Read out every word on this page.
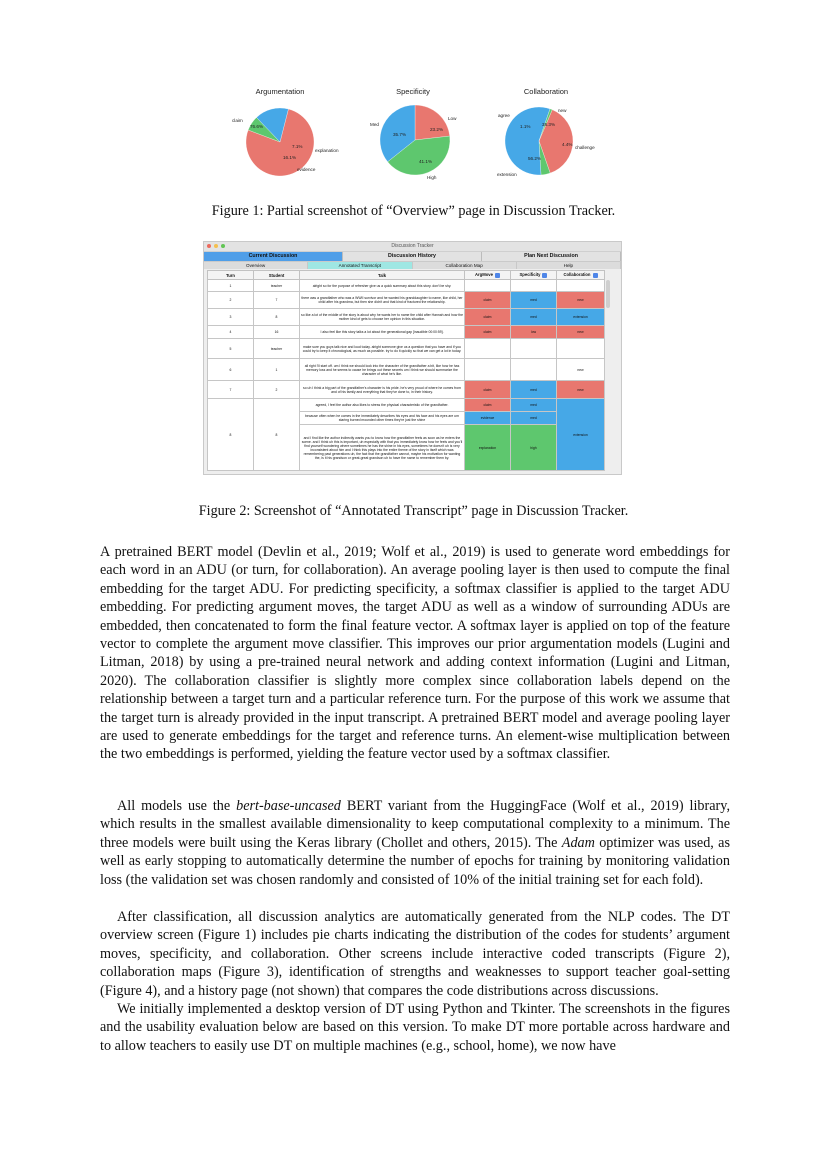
Argumentation
claim
76.6%
explanation
7.1%
evidence
16.1%
Specificity
Low
23.2%
High
41.1%
Med
35.7%
Collaboration
new
38.3%
challenge
4.4%
extension
56.2%
agree
1.1%
Figure 1: Partial screenshot of “Overview” page in Discussion Tracker.
Discussion Tracker
Current Discussion	Discussion History	Plan Next Discussion
Overview	Annotated Transcript	Collaboration Map	Help
Turn	Student	Talk	ArgMove	Specificity	Collaboration
1	teacher	alright so for the purpose of refresher give us a quick summary about this story. don't be shy.			
2	7	there was a grandfather who was a WWII survivor and he wanted his granddaughter to name, like child, her child after his grandma, but then she didn't and that kind of fractured the relationship.	claim	med	new
3	8	so like a lot of the middle of the story is about why he wants her to name the child after Hannah and how the mother kind of gets to choose her opinion in this situation.	claim	med	extension
4	16	I also feel like this story talks a lot about the generational gap [inaudible 00:00:59].	claim	low	new
5	teacher	make sure you guys talk nice and loud today. alright someone give us a question that you have and if you could try to keep it chronological, as much as possible. try to do it quickly so that we can get a lot in today.			
6	1	all right I'll start off. um I think we should look into the character of the grandfather a bit, like how he has memory loss and he seems to cause he brings out these secrets um I think we should summarize the character of what he's like.			new
7	2	so uh I think a big part of the grandfather's character is his pride. he's very proud of where he comes from and of his family and everything that they've done to, in their history.	claim	med	new
8	8	agreed, I feel the author also likes to stress the physical characteristic of the grandfather.	claim	med	extension
		because often when he comes in the immediately describes his eyes and his face and his eyes are um staring burned mounded other times they're just the shine	evidence	med	
		and I find like the author indirectly wants you to know how the grandfather feels as soon as he enters the scene. and I think uh this is important, uh especially with that you immediately know how he feels and you'll find yourself wondering where sometimes he has the shine in his eyes, sometimes he doesn't uh is very inconsistent about him and I think this plays into the entire theme of the story in itself which was remembering past generations uh, the fact that the grandfather cannot, maybe his motivation for wanting the, is it his grandson or great-great grandson uh to have the name to remember them by.	explanation	high	
Figure 2: Screenshot of “Annotated Transcript” page in Discussion Tracker.

A pretrained BERT model (Devlin et al., 2019; Wolf et al., 2019) is used to generate word embeddings for each word in an ADU (or turn, for collaboration). An average pooling layer is then used to compute the final embedding for the target ADU. For predicting specificity, a softmax classifier is applied to the target ADU embedding. For predicting argument moves, the target ADU as well as a window of surrounding ADUs are embedded, then concatenated to form the final feature vector. A softmax layer is applied on top of the feature vector to complete the argument move classifier. This improves our prior argumentation models (Lugini and Litman, 2018) by using a pre-trained neural network and adding context information (Lugini and Litman, 2020). The collaboration classifier is slightly more complex since collaboration labels depend on the relationship between a target turn and a particular reference turn. For the purpose of this work we assume that the target turn is already provided in the input transcript. A pretrained BERT model and average pooling layer are used to generate embeddings for the target and reference turns. An element-wise multiplication between the two embeddings is performed, yielding the feature vector used by a softmax classifier.

All models use the bert-base-uncased BERT variant from the HuggingFace (Wolf et al., 2019) library, which results in the smallest available dimensionality to keep computational complexity to a minimum. The three models were built using the Keras library (Chollet and others, 2015). The Adam optimizer was used, as well as early stopping to automatically determine the number of epochs for training by monitoring validation loss (the validation set was chosen randomly and consisted of 10% of the initial training set for each fold).

After classification, all discussion analytics are automatically generated from the NLP codes. The DT overview screen (Figure 1) includes pie charts indicating the distribution of the codes for students’ argument moves, specificity, and collaboration. Other screens include interactive coded transcripts (Figure 2), collaboration maps (Figure 3), identification of strengths and weaknesses to support teacher goal-setting (Figure 4), and a history page (not shown) that compares the code distributions across discussions.

We initially implemented a desktop version of DT using Python and Tkinter. The screenshots in the figures and the usability evaluation below are based on this version. To make DT more portable across hardware and to allow teachers to easily use DT on multiple machines (e.g., school, home), we now have
